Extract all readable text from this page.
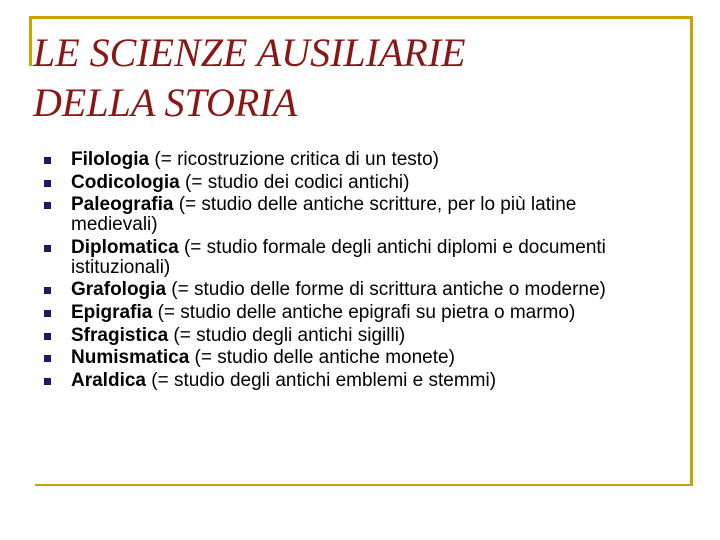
LE SCIENZE AUSILIARIE
DELLA STORIA
Filologia (= ricostruzione critica di un testo)
Codicologia (= studio dei codici antichi)
Paleografia (= studio delle antiche scritture, per lo più latine medievali)
Diplomatica (= studio formale degli antichi diplomi e documenti istituzionali)
Grafologia (= studio delle forme di scrittura antiche o moderne)
Epigrafia (= studio delle antiche epigrafi su pietra o marmo)
Sfragistica (= studio degli antichi sigilli)
Numismatica (= studio delle antiche monete)
Araldica (= studio degli antichi emblemi e stemmi)
